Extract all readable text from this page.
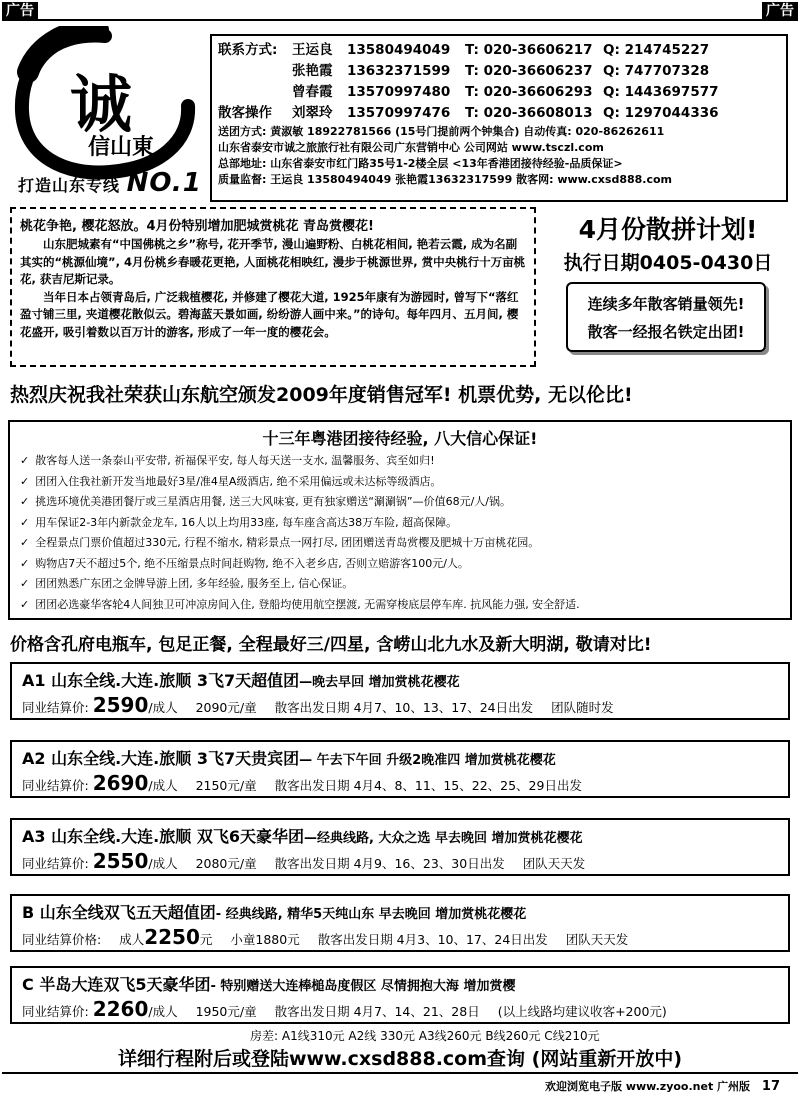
广告	广告
诚
信山東
打造山东专线 NO.1
联系方式:	王运良	13580494049	T: 020-36606217 Q: 214745227
张艳霞	13632371599	T: 020-36606237 Q: 747707328
曾春霞	13570997480	T: 020-36606293 Q: 1443697577
散客操作	刘翠玲	13570997476	T: 020-36608013 Q: 1297044336
送团方式: 黄淑敏 18922781566 (15号门提前两个钟集合) 自动传真: 020-86262611
山东省泰安市诚之旅旅行社有限公司广东营销中心 公司网站 www.tsczl.com
总部地址: 山东省泰安市红门路35号1-2楼全层 <13年香港团接待经验-品质保证>
质量监督: 王运良 13580494049 张艳霞13632317599 散客网: www.cxsd888.com
桃花争艳, 樱花怒放。4月份特别增加肥城赏桃花 青岛赏樱花!

山东肥城素有“中国佛桃之乡”称号, 花开季节, 漫山遍野粉、白桃花相间, 艳若云霞, 成为名副其实的“桃源仙境”, 4月份桃乡春暖花更艳, 人面桃花相映红, 漫步于桃源世界, 赏中央桃行十万亩桃花, 获吉尼斯记录。

当年日本占领青岛后, 广泛栽植樱花, 并修建了樱花大道, 1925年康有为游园时, 曾写下“落红盈寸铺三里, 夹道樱花散似云。碧海蓝天景如画, 纷纷游人画中来。”的诗句。每年四月、五月间, 樱花盛开, 吸引着数以百万计的游客, 形成了一年一度的樱花会。

4月份散拼计划!
执行日期0405-0430日
连续多年散客销量领先!
散客一经报名铁定出团!
热烈庆祝我社荣获山东航空颁发2009年度销售冠军! 机票优势, 无以伦比!
十三年粤港团接待经验, 八大信心保证!
✓ 散客每人送一条泰山平安带, 祈福保平安, 每人每天送一支水, 温馨服务、宾至如归!
✓ 团团入住我社新开发当地最好3星/准4星A级酒店, 绝不采用偏远或未达标等级酒店。
✓ 挑选环境优美港团餐厅或三星酒店用餐, 送三大风味宴, 更有独家赠送“涮涮锅”—价值68元/人/锅。
✓ 用车保证2-3年内新款金龙车, 16人以上均用33座, 每车座含高达38万车险, 超高保障。
✓ 全程景点门票价值超过330元, 行程不缩水, 精彩景点一网打尽, 团团赠送青岛赏樱及肥城十万亩桃花园。
✓ 购物店7天不超过5个, 绝不压缩景点时间赶购物, 绝不入老乡店, 否则立赔游客100元/人。
✓ 团团熟悉广东团之金牌导游上团, 多年经验, 服务至上, 信心保证。
✓ 团团必选豪华客轮4人间独卫可冲凉房间入住, 登船均使用航空摆渡, 无需穿梭底层停车库. 抗风能力强, 安全舒适.
价格含孔府电瓶车, 包足正餐, 全程最好三/四星, 含崂山北九水及新大明湖, 敬请对比!
A1 山东全线.大连.旅顺 3飞7天超值团—晚去早回 增加赏桃花樱花
同业结算价: 2590/成人 2090元/童 散客出发日期 4月7、10、13、17、24日出发 团队随时发
A2 山东全线.大连.旅顺 3飞7天贵宾团— 午去下午回 升级2晚准四 增加赏桃花樱花
同业结算价: 2690/成人 2150元/童 散客出发日期 4月4、8、11、15、22、25、29日出发
A3 山东全线.大连.旅顺 双飞6天豪华团—经典线路, 大众之选 早去晚回 增加赏桃花樱花
同业结算价: 2550/成人 2080元/童 散客出发日期 4月9、16、23、30日出发 团队天天发
B 山东全线双飞五天超值团- 经典线路, 精华5天纯山东 早去晚回 增加赏桃花樱花
同业结算价格: 成人2250元 小童1880元 散客出发日期 4月3、10、17、24日出发 团队天天发
C 半岛大连双飞5天豪华团- 特别赠送大连棒槌岛度假区 尽情拥抱大海 增加赏樱
同业结算价: 2260/成人 1950元/童 散客出发日期 4月7、14、21、28日 (以上线路均建议收客+200元)
房差: A1线310元 A2线 330元 A3线260元 B线260元 C线210元
详细行程附后或登陆www.cxsd888.com查询 (网站重新开放中)
欢迎浏览电子版 www.zyoo.net 广州版 17
